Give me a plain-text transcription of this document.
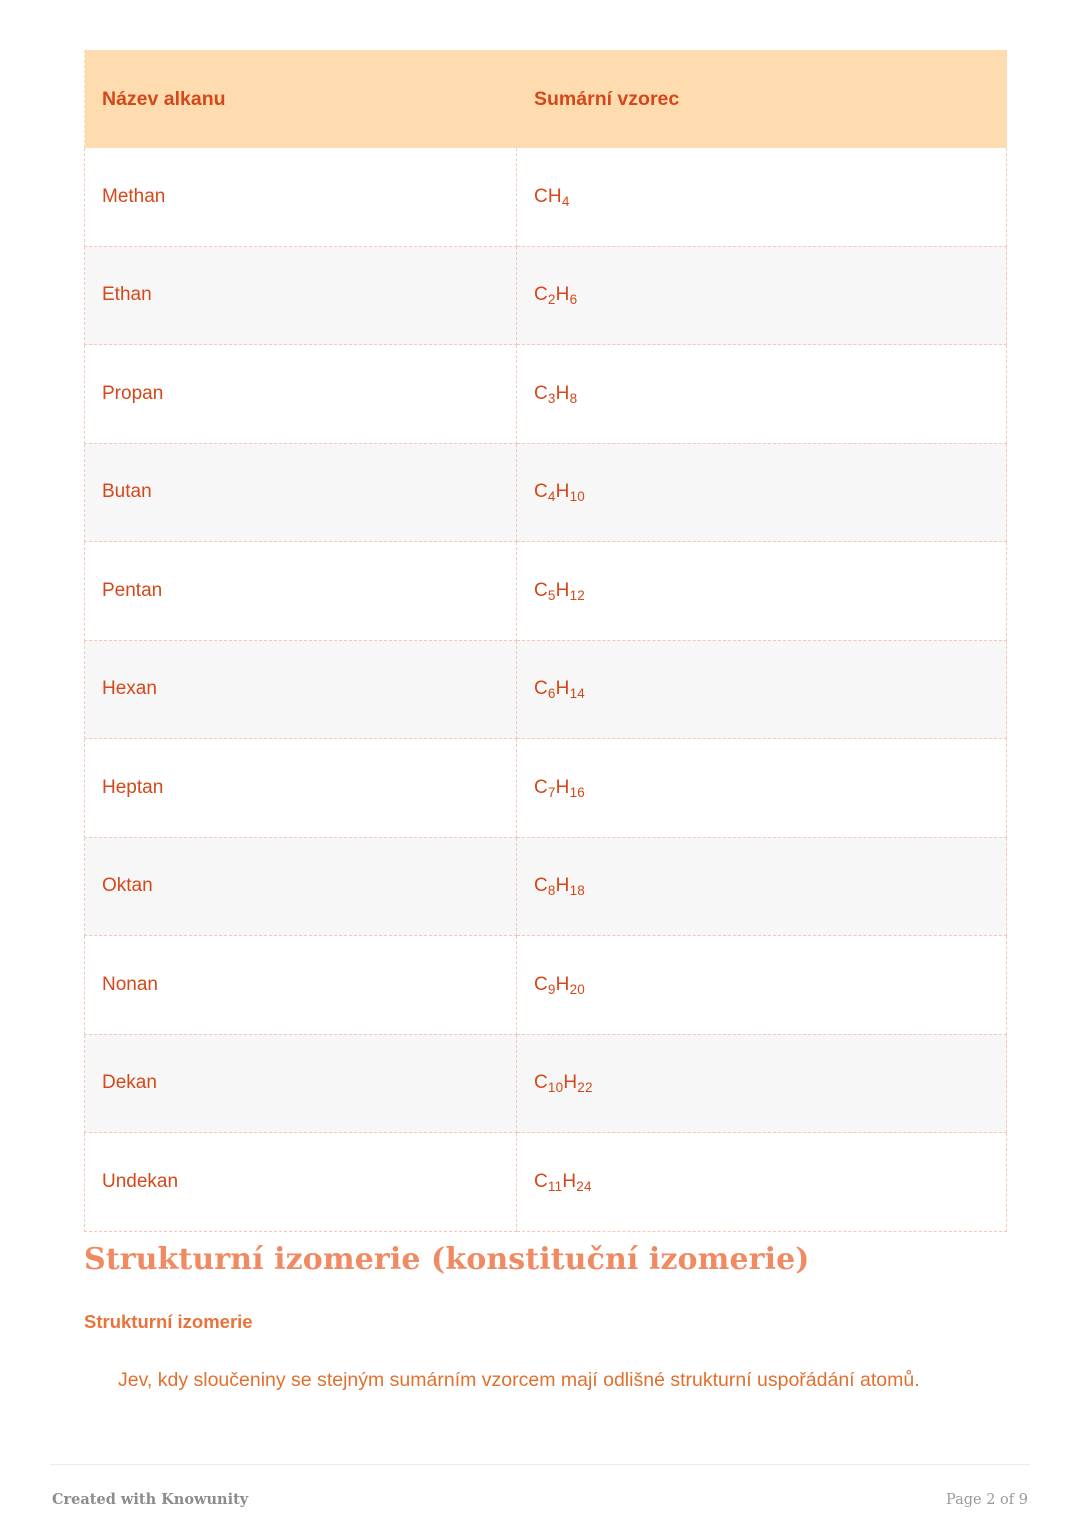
Název alkanu	Sumární vzorec
Methan	$CH_4$
Ethan	$C_2H_6$
Propan	$C_3H_8$
Butan	$C_4H_{10}$
Pentan	$C_5H_{12}$
Hexan	$C_6H_{14}$
Heptan	$C_7H_{16}$
Oktan	$C_8H_{18}$
Nonan	$C_9H_{20}$
Dekan	$C_{10}H_{22}$
Undekan	$C_{11}H_{24}$
Strukturní izomerie (konstituční izomerie)
Strukturní izomerie

Jev, kdy sloučeniny se stejným sumárním vzorcem mají odlišné strukturní uspořádání atomů.

Created with Knowunity	Page 2 of 9
